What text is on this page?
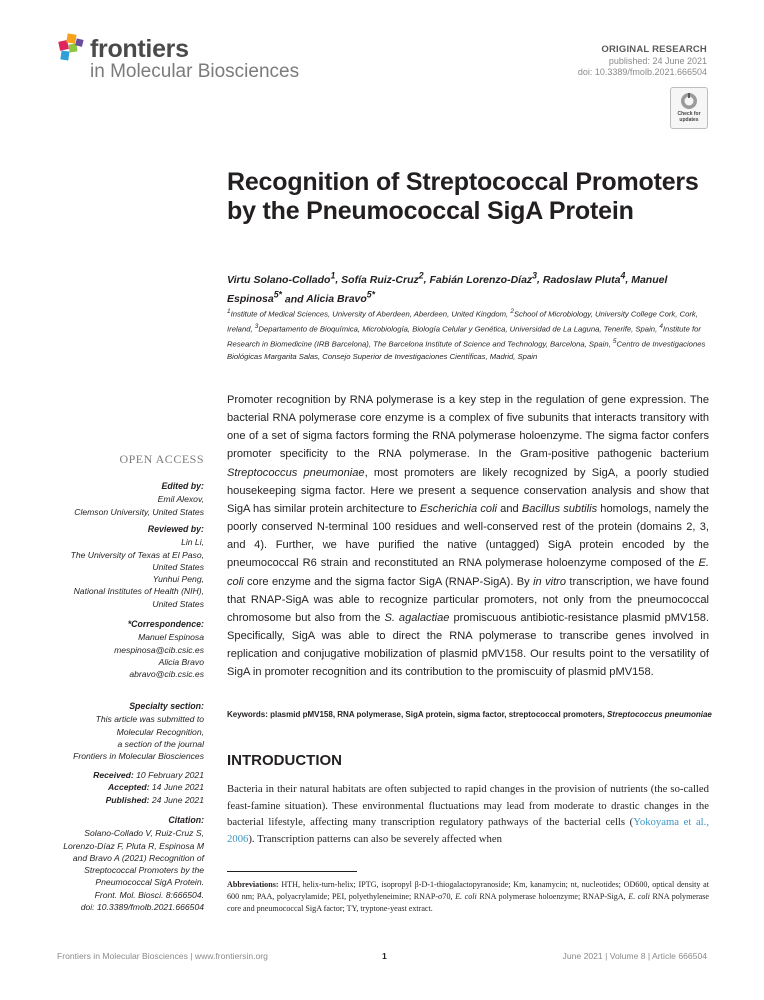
frontiers
in Molecular Biosciences
ORIGINAL RESEARCH
published: 24 June 2021
doi: 10.3389/fmolb.2021.666504
Check for
updates
Recognition of Streptococcal Promoters by the Pneumococcal SigA Protein
Virtu Solano-Collado$^1$, Sofía Ruiz-Cruz$^2$, Fabián Lorenzo-Díaz$^3$, Radoslaw Pluta$^4$, Manuel Espinosa$^{5*}$ and Alicia Bravo$^{5*}$
$^1$Institute of Medical Sciences, University of Aberdeen, Aberdeen, United Kingdom, $^2$School of Microbiology, University College Cork, Cork, Ireland, $^3$Departamento de Bioquímica, Microbiología, Biología Celular y Genética, Universidad de La Laguna, Tenerife, Spain, $^4$Institute for Research in Biomedicine (IRB Barcelona), The Barcelona Institute of Science and Technology, Barcelona, Spain, $^5$Centro de Investigaciones Biológicas Margarita Salas, Consejo Superior de Investigaciones Científicas, Madrid, Spain

Promoter recognition by RNA polymerase is a key step in the regulation of gene expression. The bacterial RNA polymerase core enzyme is a complex of five subunits that interacts transitory with one of a set of sigma factors forming the RNA polymerase holoenzyme. The sigma factor confers promoter specificity to the RNA polymerase. In the Gram-positive pathogenic bacterium Streptococcus pneumoniae, most promoters are likely recognized by SigA, a poorly studied housekeeping sigma factor. Here we present a sequence conservation analysis and show that SigA has similar protein architecture to Escherichia coli and Bacillus subtilis homologs, namely the poorly conserved N-terminal 100 residues and well-conserved rest of the protein (domains 2, 3, and 4). Further, we have purified the native (untagged) SigA protein encoded by the pneumococcal R6 strain and reconstituted an RNA polymerase holoenzyme composed of the E. coli core enzyme and the sigma factor SigA (RNAP-SigA). By in vitro transcription, we have found that RNAP-SigA was able to recognize particular promoters, not only from the pneumococcal chromosome but also from the S. agalactiae promiscuous antibiotic-resistance plasmid pMV158. Specifically, SigA was able to direct the RNA polymerase to transcribe genes involved in replication and conjugative mobilization of plasmid pMV158. Our results point to the versatility of SigA in promoter recognition and its contribution to the promiscuity of plasmid pMV158.

Keywords: plasmid pMV158, RNA polymerase, SigA protein, sigma factor, streptococcal promoters, Streptococcus pneumoniae
INTRODUCTION

Bacteria in their natural habitats are often subjected to rapid changes in the provision of nutrients (the so-called feast-famine situation). These environmental fluctuations may lead from moderate to drastic changes in the bacterial lifestyle, affecting many transcription regulatory pathways of the bacterial cells (Yokoyama et al., 2006). Transcription patterns can also be severely affected when

Abbreviations: HTH, helix-turn-helix; IPTG, isopropyl β-D-1-thiogalactopyranoside; Km, kanamycin; nt, nucleotides; OD600, optical density at 600 nm; PAA, polyacrylamide; PEI, polyethyleneimine; RNAP-σ70, E. coli RNA polymerase holoenzyme; RNAP-SigA, E. coli RNA polymerase core and pneumococcal SigA factor; TY, tryptone-yeast extract.

OPEN ACCESS
Edited by:
Emil Alexov,
Clemson University, United States
Reviewed by:
Lin Li,
The University of Texas at El Paso,
United States
Yunhui Peng,
National Institutes of Health (NIH),
United States
*Correspondence:
Manuel Espinosa
mespinosa@cib.csic.es
Alicia Bravo
abravo@cib.csic.es
Specialty section:
This article was submitted to
Molecular Recognition,
a section of the journal
Frontiers in Molecular Biosciences
Received: 10 February 2021
Accepted: 14 June 2021
Published: 24 June 2021
Citation:
Solano-Collado V, Ruiz-Cruz S,
Lorenzo-Díaz F, Pluta R, Espinosa M
and Bravo A (2021) Recognition of
Streptococcal Promoters by the
Pneumococcal SigA Protein.
Front. Mol. Biosci. 8:666504.
doi: 10.3389/fmolb.2021.666504
Frontiers in Molecular Biosciences | www.frontiersin.org	1	June 2021 | Volume 8 | Article 666504
